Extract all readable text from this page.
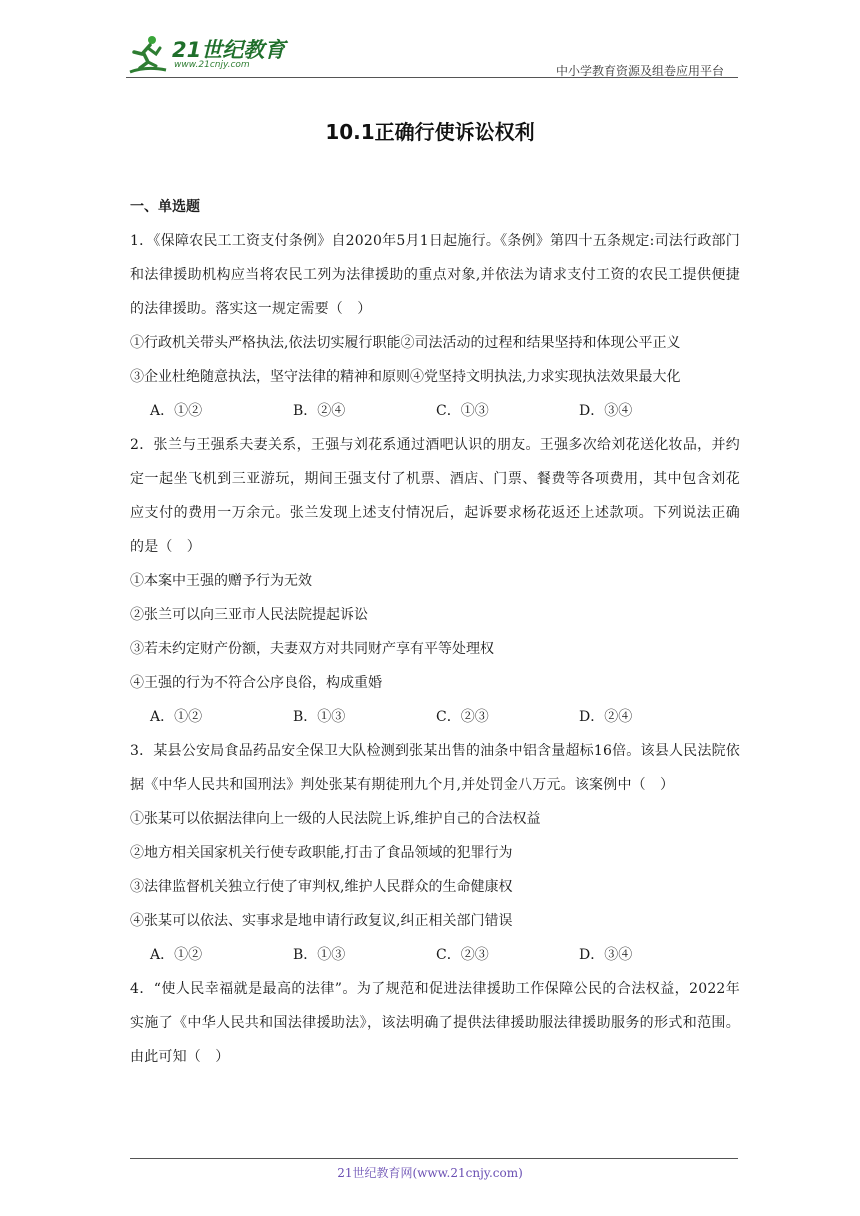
21世纪教育
www.21cnjy.com	中小学教育资源及组卷应用平台
10.1正确行使诉讼权利

一、单选题

1．《保障农民工工资支付条例》自2020年5月1日起施行。《条例》第四十五条规定:司法行政部门和法律援助机构应当将农民工列为法律援助的重点对象,并依法为请求支付工资的农民工提供便捷的法律援助。落实这一规定需要（　）

①行政机关带头严格执法,依法切实履行职能②司法活动的过程和结果坚持和体现公平正义

③企业杜绝随意执法，坚守法律的精神和原则④党坚持文明执法,力求实现执法效果最大化

A．①②	B．②④	C．①③	D．③④

2．张兰与王强系夫妻关系，王强与刘花系通过酒吧认识的朋友。王强多次给刘花送化妆品，并约定一起坐飞机到三亚游玩，期间王强支付了机票、酒店、门票、餐费等各项费用，其中包含刘花应支付的费用一万余元。张兰发现上述支付情况后，起诉要求杨花返还上述款项。下列说法正确的是（　）

①本案中王强的赠予行为无效

②张兰可以向三亚市人民法院提起诉讼

③若未约定财产份额，夫妻双方对共同财产享有平等处理权

④王强的行为不符合公序良俗，构成重婚

A．①②	B．①③	C．②③	D．②④

3．某县公安局食品药品安全保卫大队检测到张某出售的油条中铝含量超标16倍。该县人民法院依据《中华人民共和国刑法》判处张某有期徒刑九个月,并处罚金八万元。该案例中（　）

①张某可以依据法律向上一级的人民法院上诉,维护自己的合法权益

②地方相关国家机关行使专政职能,打击了食品领域的犯罪行为

③法律监督机关独立行使了审判权,维护人民群众的生命健康权

④张某可以依法、实事求是地申请行政复议,纠正相关部门错误

A．①②	B．①③	C．②③	D．③④

4．“使人民幸福就是最高的法律”。为了规范和促进法律援助工作保障公民的合法权益，2022年实施了《中华人民共和国法律援助法》，该法明确了提供法律援助服法律援助服务的形式和范围。由此可知（　）

21世纪教育网(www.21cnjy.com)
